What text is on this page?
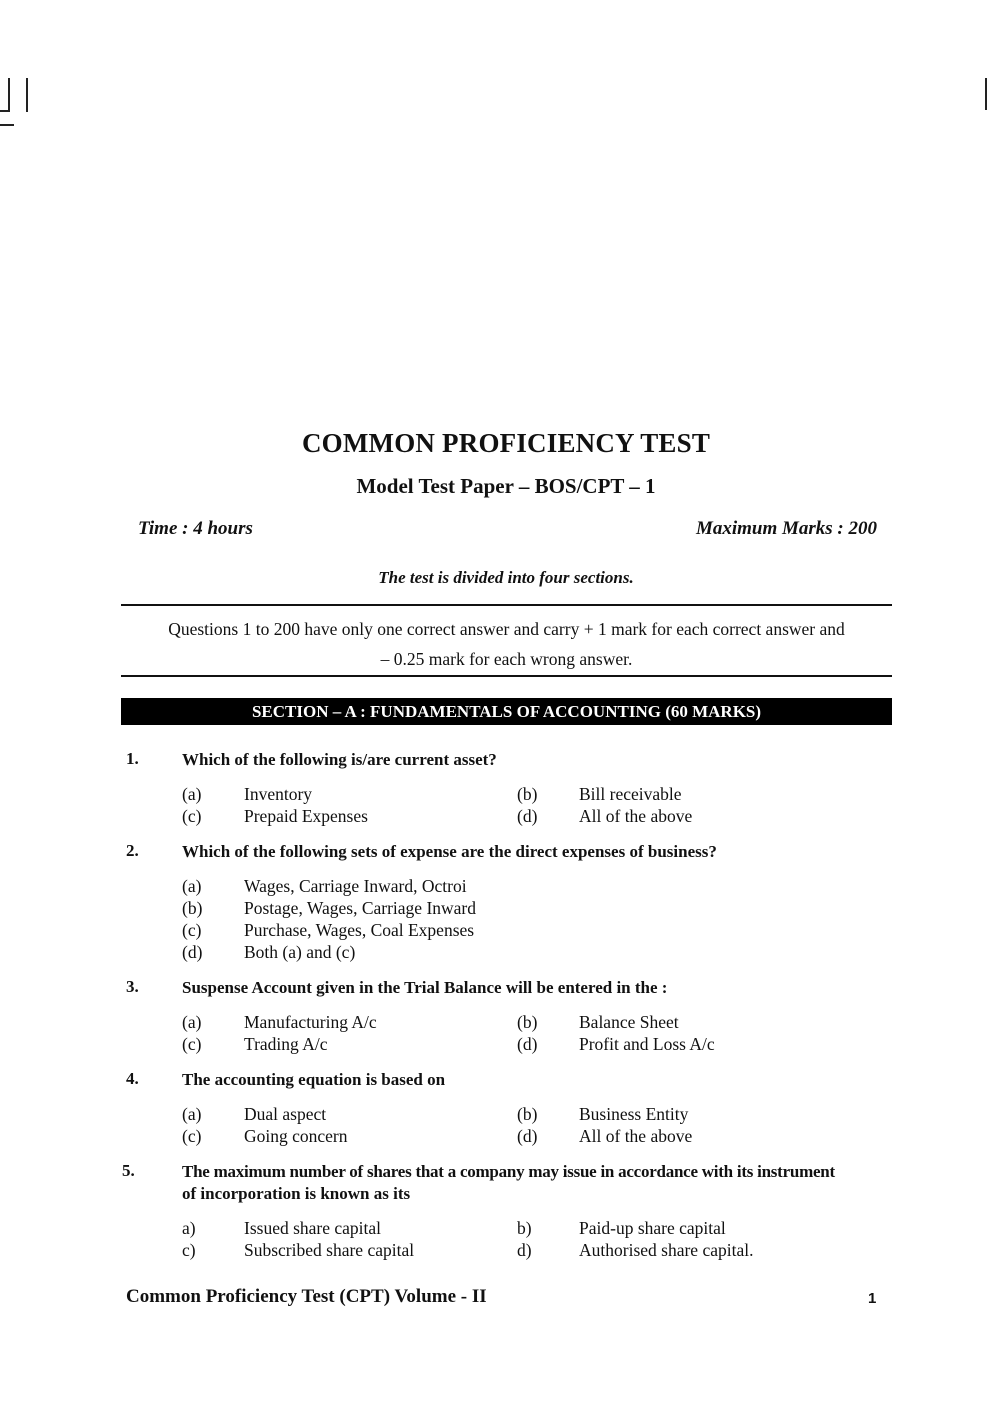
COMMON PROFICIENCY TEST
Model Test Paper – BOS/CPT – 1
Time : 4 hours	Maximum Marks : 200
The test is divided into four sections.
Questions 1 to 200 have only one correct answer and carry + 1 mark for each correct answer and
– 0.25 mark for each wrong answer.
SECTION – A : FUNDAMENTALS OF ACCOUNTING (60 MARKS)
1.	Which of the following is/are current asset?
(a) Inventory	(b) Bill receivable
(c) Prepaid Expenses	(d) All of the above
2.	Which of the following sets of expense are the direct expenses of business?
(a) Wages, Carriage Inward, Octroi
(b) Postage, Wages, Carriage Inward
(c) Purchase, Wages, Coal Expenses
(d) Both (a) and (c)
3.	Suspense Account given in the Trial Balance will be entered in the :
(a) Manufacturing A/c	(b) Balance Sheet
(c) Trading A/c	(d) Profit and Loss A/c
4.	The accounting equation is based on
(a) Dual aspect	(b) Business Entity
(c) Going concern	(d) All of the above
5.	The maximum number of shares that a company may issue in accordance with its instrument
of incorporation is known as its
a)	Issued share capital	b)	Paid-up share capital
c)	Subscribed share capital	d)	Authorised share capital.
Common Proficiency Test (CPT) Volume - II	1
